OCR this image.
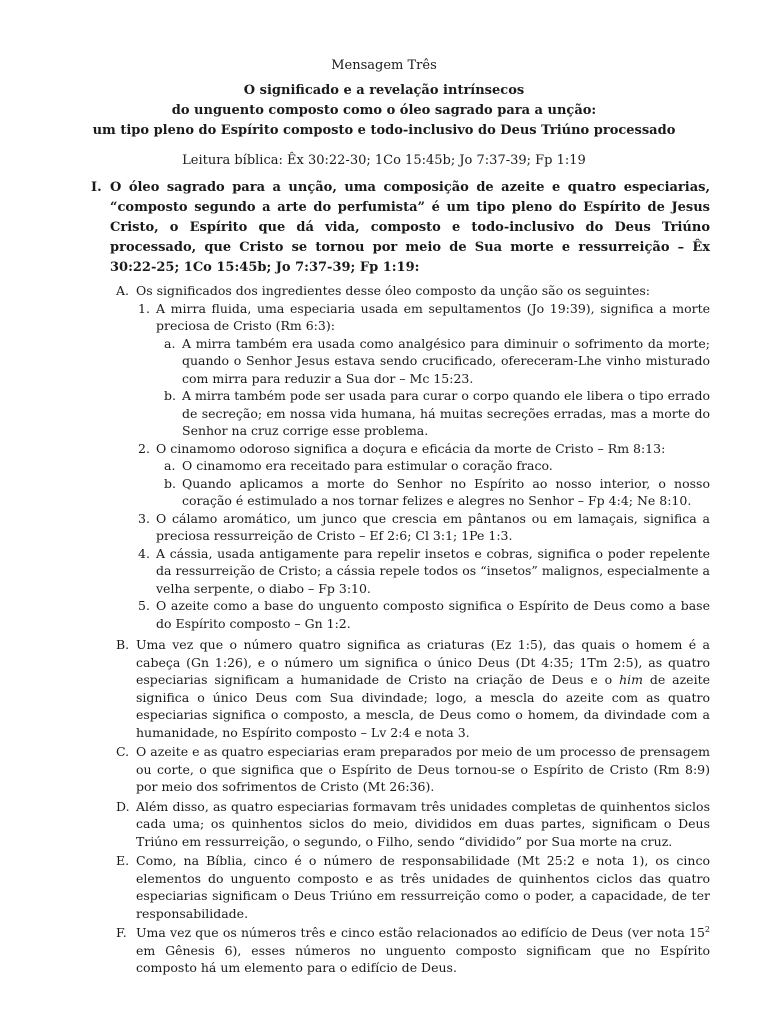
Mensagem Três
O significado e a revelação intrínsecos
do unguento composto como o óleo sagrado para a unção:
um tipo pleno do Espírito composto e todo-inclusivo do Deus Triúno processado
Leitura bíblica: Êx 30:22-30; 1Co 15:45b; Jo 7:37-39; Fp 1:19
I. O óleo sagrado para a unção, uma composição de azeite e quatro especiarias, “composto segundo a arte do perfumista” é um tipo pleno do Espírito de Jesus Cristo, o Espírito que dá vida, composto e todo-inclusivo do Deus Triúno processado, que Cristo se tornou por meio de Sua morte e ressurreição – Êx 30:22-25; 1Co 15:45b; Jo 7:37-39; Fp 1:19:
A. Os significados dos ingredientes desse óleo composto da unção são os seguintes:
1. A mirra fluida, uma especiaria usada em sepultamentos (Jo 19:39), significa a morte preciosa de Cristo (Rm 6:3):
a. A mirra também era usada como analgésico para diminuir o sofrimento da morte; quando o Senhor Jesus estava sendo crucificado, ofereceram-Lhe vinho misturado com mirra para reduzir a Sua dor – Mc 15:23.
b. A mirra também pode ser usada para curar o corpo quando ele libera o tipo errado de secreção; em nossa vida humana, há muitas secreções erradas, mas a morte do Senhor na cruz corrige esse problema.
2. O cinamomo odoroso significa a doçura e eficácia da morte de Cristo – Rm 8:13:
a. O cinamomo era receitado para estimular o coração fraco.
b. Quando aplicamos a morte do Senhor no Espírito ao nosso interior, o nosso coração é estimulado a nos tornar felizes e alegres no Senhor – Fp 4:4; Ne 8:10.
3. O cálamo aromático, um junco que crescia em pântanos ou em lamaçais, significa a preciosa ressurreição de Cristo – Ef 2:6; Cl 3:1; 1Pe 1:3.
4. A cássia, usada antigamente para repelir insetos e cobras, significa o poder repelente da ressurreição de Cristo; a cássia repele todos os “insetos” malignos, especialmente a velha serpente, o diabo – Fp 3:10.
5. O azeite como a base do unguento composto significa o Espírito de Deus como a base do Espírito composto – Gn 1:2.
B. Uma vez que o número quatro significa as criaturas (Ez 1:5), das quais o homem é a cabeça (Gn 1:26), e o número um significa o único Deus (Dt 4:35; 1Tm 2:5), as quatro especiarias significam a humanidade de Cristo na criação de Deus e o him de azeite significa o único Deus com Sua divindade; logo, a mescla do azeite com as quatro especiarias significa o composto, a mescla, de Deus como o homem, da divindade com a humanidade, no Espírito composto – Lv 2:4 e nota 3.
C. O azeite e as quatro especiarias eram preparados por meio de um processo de prensagem ou corte, o que significa que o Espírito de Deus tornou-se o Espírito de Cristo (Rm 8:9) por meio dos sofrimentos de Cristo (Mt 26:36).
D. Além disso, as quatro especiarias formavam três unidades completas de quinhentos siclos cada uma; os quinhentos siclos do meio, divididos em duas partes, significam o Deus Triúno em ressurreição, o segundo, o Filho, sendo “dividido” por Sua morte na cruz.
E. Como, na Bíblia, cinco é o número de responsabilidade (Mt 25:2 e nota 1), os cinco elementos do unguento composto e as três unidades de quinhentos ciclos das quatro especiarias significam o Deus Triúno em ressurreição como o poder, a capacidade, de ter responsabilidade.
F. Uma vez que os números três e cinco estão relacionados ao edifício de Deus (ver nota $15^2$ em Gênesis 6), esses números no unguento composto significam que no Espírito composto há um elemento para o edifício de Deus.
